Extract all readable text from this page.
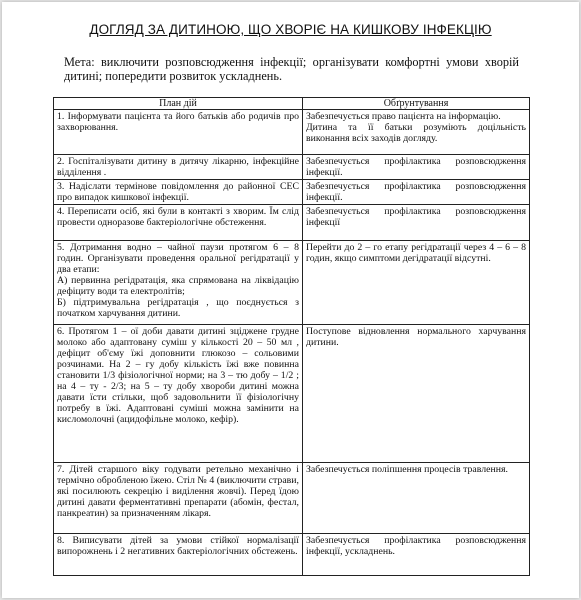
ДОГЛЯД ЗА ДИТИНОЮ, ЩО ХВОРІЄ НА КИШКОВУ ІНФЕКЦІЮ
Мета: виключити розповсюдження інфекції; організувати комфортні умови хворій дитині; попередити розвиток ускладнень.
План дій	Обґрунтування
1. Інформувати пацієнта та його батьків або родичів про захворювання.	Забезпечується право пацієнта на інформацію.
Дитина та її батьки розуміють доцільність виконання всіх заходів догляду.
2. Госпіталізувати дитину в дитячу лікарню, інфекційне відділення .	Забезпечується профілактика розповсюдження інфекції.
3. Надіслати термінове повідомлення до районної СЕС про випадок кишкової інфекції.	Забезпечується профілактика розповсюдження інфекції.
4. Переписати осіб, які були в контакті з хворим. Їм слід провести одноразове бактеріологічне обстеження.	Забезпечується профілактика розповсюдження інфекції
5. Дотримання водно – чайної паузи протягом 6 – 8 годин. Організувати проведення оральної регідратації у два етапи:
А) первинна регідратація, яка спрямована на ліквідацію дефіциту води та електролітів;
Б) підтримувальна регідратація , що поєднується з початком харчування дитини.	Перейти до 2 – го етапу регідратації через 4 – 6 – 8 годин, якщо симптоми дегідратації відсутні.
6. Протягом 1 – ої доби давати дитині зціджене грудне молоко або адаптовану суміш у кількості 20 – 50 мл , дефіцит об'єму їжі доповнити глюкозо – сольовими розчинами. На 2 – гу добу кількість їжі вже повинна становити 1/3 фізіологічної норми; на 3 – тю добу – 1/2 ; на 4 – ту - 2/3; на 5 – ту добу хвороби дитині можна давати їсти стільки, щоб задовольнити її фізіологічну потребу в їжі. Адаптовані суміші можна замінити на кисломолочні (ацидофільне молоко, кефір).	Поступове відновлення нормального харчування дитини.
7. Дітей старшого віку годувати ретельно механічно і термічно обробленою їжею. Стіл № 4 (виключити страви, які посилюють секрецію і виділення жовчі). Перед їдою дитині давати ферментативні препарати (абомін, фестал, панкреатин) за призначенням лікаря.	Забезпечується поліпшення процесів травлення.
8. Виписувати дітей за умови стійкої нормалізації випорожнень і 2 негативних бактеріологічних обстежень.	Забезпечується профілактика розповсюдження інфекції, ускладнень.
